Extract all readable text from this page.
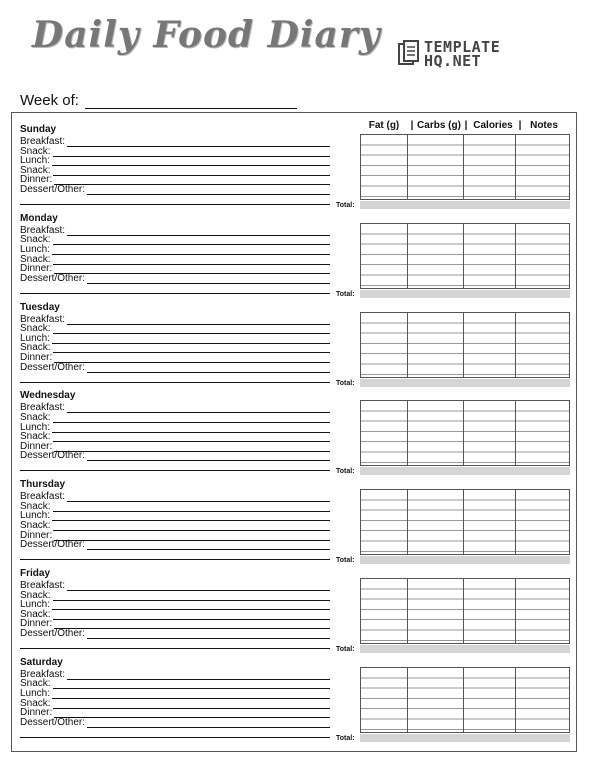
Daily Food Diary	TEMPLATE
HQ.NET
Week of:
Fat (g)	| Carbs (g) | Calories | Notes
Sunday
Breakfast:
Snack:
Lunch:
Snack:
Dinner:
Dessert/Other:
Total:
Monday
Breakfast:
Snack:
Lunch:
Snack:
Dinner:
Dessert/Other:
Total:
Tuesday
Breakfast:
Snack:
Lunch:
Snack:
Dinner:
Dessert/Other:
Total:
Wednesday
Breakfast:
Snack:
Lunch:
Snack:
Dinner:
Dessert/Other:
Total:
Thursday
Breakfast:
Snack:
Lunch:
Snack:
Dinner:
Dessert/Other:
Total:
Friday
Breakfast:
Snack:
Lunch:
Snack:
Dinner:
Dessert/Other:
Total:
Saturday
Breakfast:
Snack:
Lunch:
Snack:
Dinner:
Dessert/Other:
Total:
